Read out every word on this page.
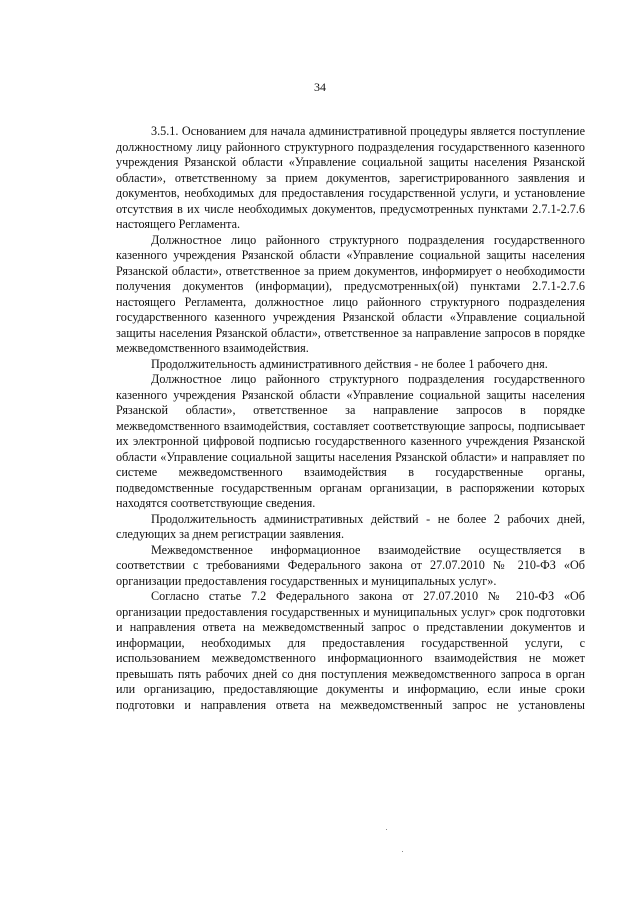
34

3.5.1. Основанием для начала административной процедуры является поступление должностному лицу районного структурного подразделения государственного казенного учреждения Рязанской области «Управление социальной защиты населения Рязанской области», ответственному за прием документов, зарегистрированного заявления и документов, необходимых для предоставления государственной услуги, и установление отсутствия в их числе необходимых документов, предусмотренных пунктами 2.7.1-2.7.6 настоящего Регламента.

Должностное лицо районного структурного подразделения государственного казенного учреждения Рязанской области «Управление социальной защиты населения Рязанской области», ответственное за прием документов, информирует о необходимости получения документов (информации), предусмотренных(ой) пунктами 2.7.1-2.7.6 настоящего Регламента, должностное лицо районного структурного подразделения государственного казенного учреждения Рязанской области «Управление социальной защиты населения Рязанской области», ответственное за направление запросов в порядке межведомственного взаимодействия.

Продолжительность административного действия - не более 1 рабочего дня.

Должностное лицо районного структурного подразделения государственного казенного учреждения Рязанской области «Управление социальной защиты населения Рязанской области», ответственное за направление запросов в порядке межведомственного взаимодействия, составляет соответствующие запросы, подписывает их электронной цифровой подписью государственного казенного учреждения Рязанской области «Управление социальной защиты населения Рязанской области» и направляет по системе межведомственного взаимодействия в государственные органы, подведомственные государственным органам организации, в распоряжении которых находятся соответствующие сведения.

Продолжительность административных действий - не более 2 рабочих дней, следующих за днем регистрации заявления.

Межведомственное информационное взаимодействие осуществляется в соответствии с требованиями Федерального закона от 27.07.2010 № 210-ФЗ «Об организации предоставления государственных и муниципальных услуг».

Согласно статье 7.2 Федерального закона от 27.07.2010 № 210-ФЗ «Об организации предоставления государственных и муниципальных услуг» срок подготовки и направления ответа на межведомственный запрос о представлении документов и информации, необходимых для предоставления государственной услуги, с использованием межведомственного информационного взаимодействия не может превышать пять рабочих дней со дня поступления межведомственного запроса в орган или организацию, предоставляющие документы и информацию, если иные сроки подготовки и направления ответа на межведомственный запрос не установлены
